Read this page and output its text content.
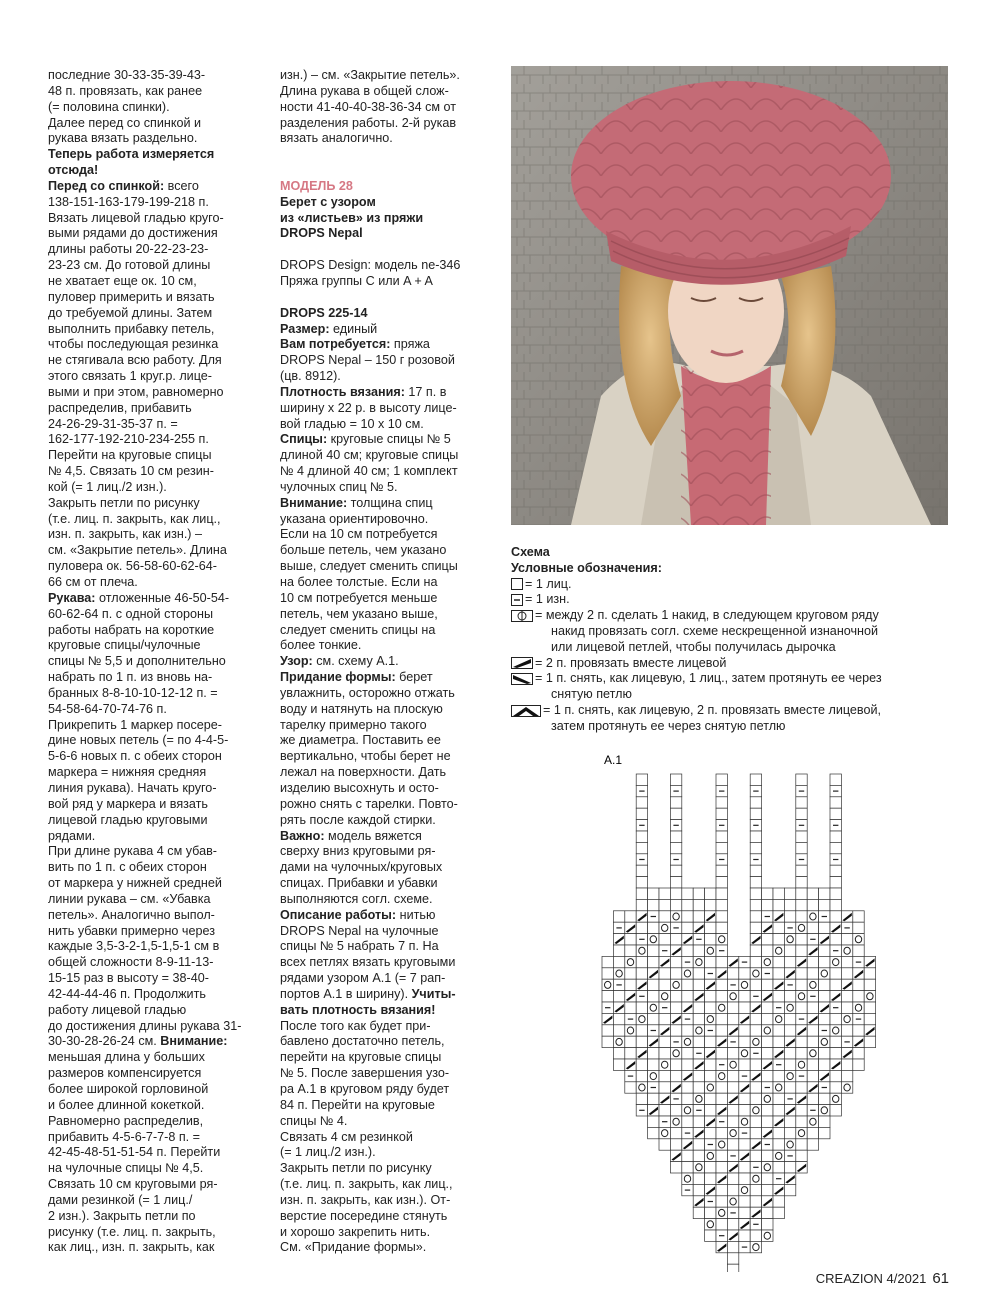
последние 30-33-35-39-43-
48 п. провязать, как ранее
(= половина спинки).
Далее перед со спинкой и
рукава вязать раздельно.
Теперь работа измеряется
отсюда!
Перед со спинкой: всего
138-151-163-179-199-218 п.
Вязать лицевой гладью круго-
выми рядами до достижения
длины работы 20-22-23-23-
23-23 см. До готовой длины
не хватает еще ок. 10 см,
пуловер примерить и вязать
до требуемой длины. Затем
выполнить прибавку петель,
чтобы последующая резинка
не стягивала всю работу. Для
этого связать 1 круг.р. лице-
выми и при этом, равномерно
распределив, прибавить
24-26-29-31-35-37 п. =
162-177-192-210-234-255 п.
Перейти на круговые спицы
№ 4,5. Связать 10 см резин-
кой (= 1 лиц./2 изн.).
Закрыть петли по рисунку
(т.е. лиц. п. закрыть, как лиц.,
изн. п. закрыть, как изн.) –
см. «Закрытие петель». Длина
пуловера ок. 56-58-60-62-64-
66 см от плеча.
Рукава: отложенные 46-50-54-
60-62-64 п. с одной стороны
работы набрать на короткие
круговые спицы/чулочные
спицы № 5,5 и дополнительно
набрать по 1 п. из вновь на-
бранных 8-8-10-10-12-12 п. =
54-58-64-70-74-76 п.
Прикрепить 1 маркер посере-
дине новых петель (= по 4-4-5-
5-6-6 новых п. с обеих сторон
маркера = нижняя средняя
линия рукава). Начать круго-
вой ряд у маркера и вязать
лицевой гладью круговыми
рядами.
При длине рукава 4 см убав-
вить по 1 п. с обеих сторон
от маркера у нижней средней
линии рукава – см. «Убавка
петель». Аналогично выпол-
нить убавки примерно через
каждые 3,5-3-2-1,5-1,5-1 см в
общей сложности 8-9-11-13-
15-15 раз в высоту = 38-40-
42-44-44-46 п. Продолжить
работу лицевой гладью
до достижения длины рукава 31-
30-30-28-26-24 см. Внимание:
меньшая длина у больших
размеров компенсируется
более широкой горловиной
и более длинной кокеткой.
Равномерно распределив,
прибавить 4-5-6-7-7-8 п. =
42-45-48-51-51-54 п. Перейти
на чулочные спицы № 4,5.
Связать 10 см круговыми ря-
дами резинкой (= 1 лиц./
2 изн.). Закрыть петли по
рисунку (т.е. лиц. п. закрыть,
как лиц., изн. п. закрыть, как
изн.) – см. «Закрытие петель».
Длина рукава в общей слож-
ности 41-40-40-38-36-34 см от
разделения работы. 2-й рукав
вязать аналогично.

МОДЕЛЬ 28
Берет с узором
из «листьев» из пряжи
DROPS Nepal

DROPS Design: модель ne-346
Пряжа группы C или A + A

DROPS 225-14
Размер: единый
Вам потребуется: пряжа
DROPS Nepal – 150 г розовой
(цв. 8912).
Плотность вязания: 17 п. в
ширину х 22 р. в высоту лице-
вой гладью = 10 х 10 см.
Спицы: круговые спицы № 5
длиной 40 см; круговые спицы
№ 4 длиной 40 см; 1 комплект
чулочных спиц № 5.
Внимание: толщина спиц
указана ориентировочно.
Если на 10 см потребуется
больше петель, чем указано
выше, следует сменить спицы
на более толстые. Если на
10 см потребуется меньше
петель, чем указано выше,
следует сменить спицы на
более тонкие.
Узор: см. схему A.1.
Придание формы: берет
увлажнить, осторожно отжать
воду и натянуть на плоскую
тарелку примерно такого
же диаметра. Поставить ее
вертикально, чтобы берет не
лежал на поверхности. Дать
изделию высохнуть и осто-
рожно снять с тарелки. Повто-
рять после каждой стирки.
Важно: модель вяжется
сверху вниз круговыми ря-
дами на чулочных/круговых
спицах. Прибавки и убавки
выполняются согл. схеме.
Описание работы: нитью
DROPS Nepal на чулочные
спицы № 5 набрать 7 п. На
всех петлях вязать круговыми
рядами узором A.1 (= 7 рап-
портов A.1 в ширину). Учиты-
вать плотность вязания!
После того как будет при-
бавлено достаточно петель,
перейти на круговые спицы
№ 5. После завершения узо-
ра A.1 в круговом ряду будет
84 п. Перейти на круговые
спицы № 4.
Связать 4 см резинкой
(= 1 лиц./2 изн.).
Закрыть петли по рисунку
(т.е. лиц. п. закрыть, как лиц.,
изн. п. закрыть, как изн.). От-
верстие посередине стянуть
и хорошо закрепить нить.
См. «Придание формы».
Схема
Условные обозначения:
= 1 лиц.
= 1 изн.
= между 2 п. сделать 1 накид, в следующем круговом ряду
накид провязать согл. схеме нескрещенной изнаночной
или лицевой петлей, чтобы получилась дырочка
= 2 п. провязать вместе лицевой
= 1 п. снять, как лицевую, 1 лиц., затем протянуть ее через
снятую петлю
= 1 п. снять, как лицевую, 2 п. провязать вместе лицевой,
затем протянуть ее через снятую петлю
A.1
CREAZION 4/2021 61
